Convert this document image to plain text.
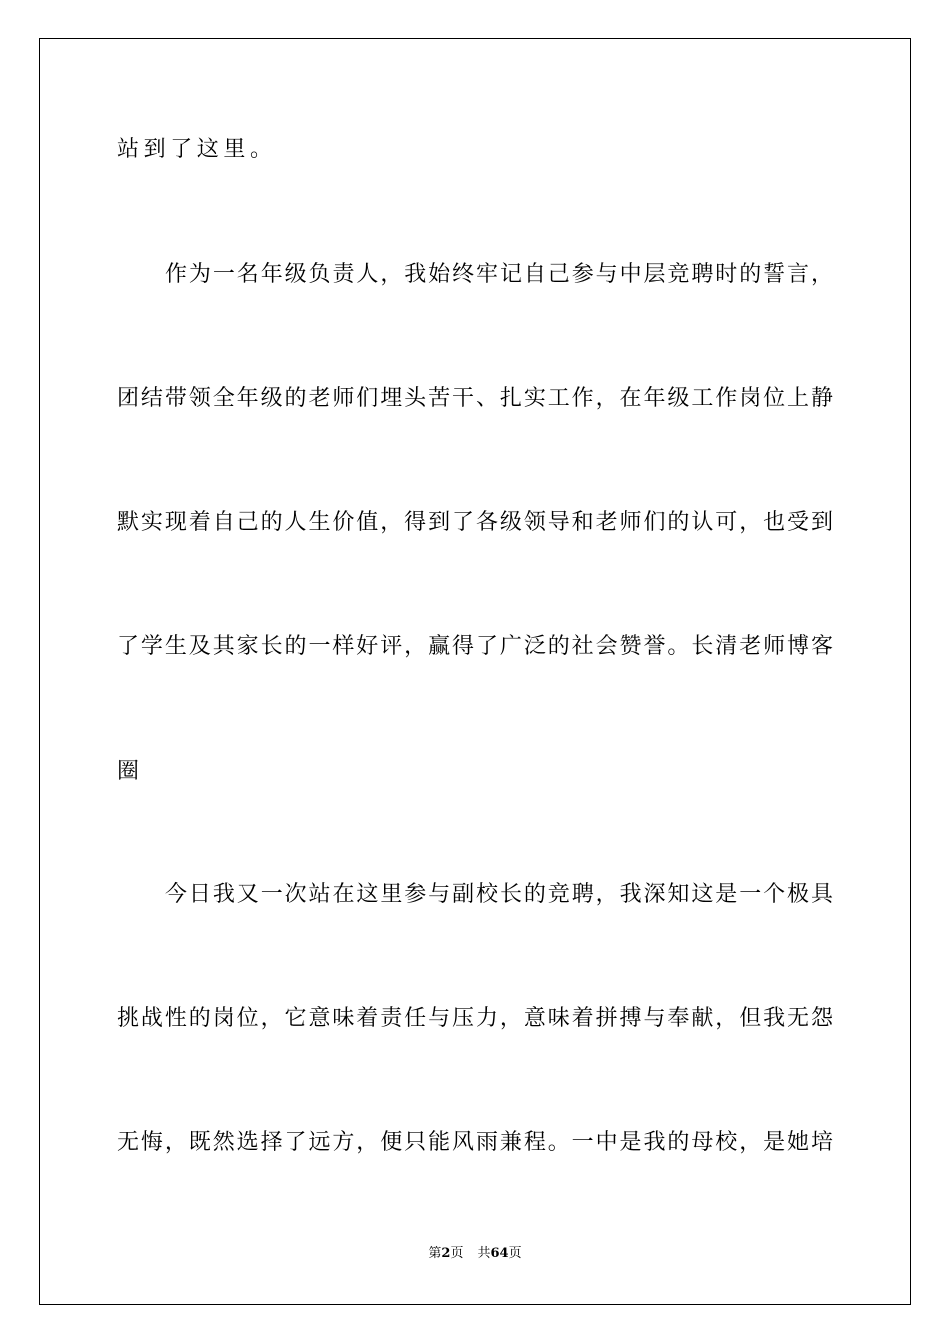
站到了这里。
作为一名年级负责人，我始终牢记自己参与中层竞聘时的誓言，
团结带领全年级的老师们埋头苦干、扎实工作，在年级工作岗位上静
默实现着自己的人生价值，得到了各级领导和老师们的认可，也受到
了学生及其家长的一样好评，赢得了广泛的社会赞誉。长清老师博客
圈
今日我又一次站在这里参与副校长的竞聘，我深知这是一个极具
挑战性的岗位，它意味着责任与压力，意味着拼搏与奉献，但我无怨
无悔，既然选择了远方，便只能风雨兼程。一中是我的母校，是她培
第2页 共64页
